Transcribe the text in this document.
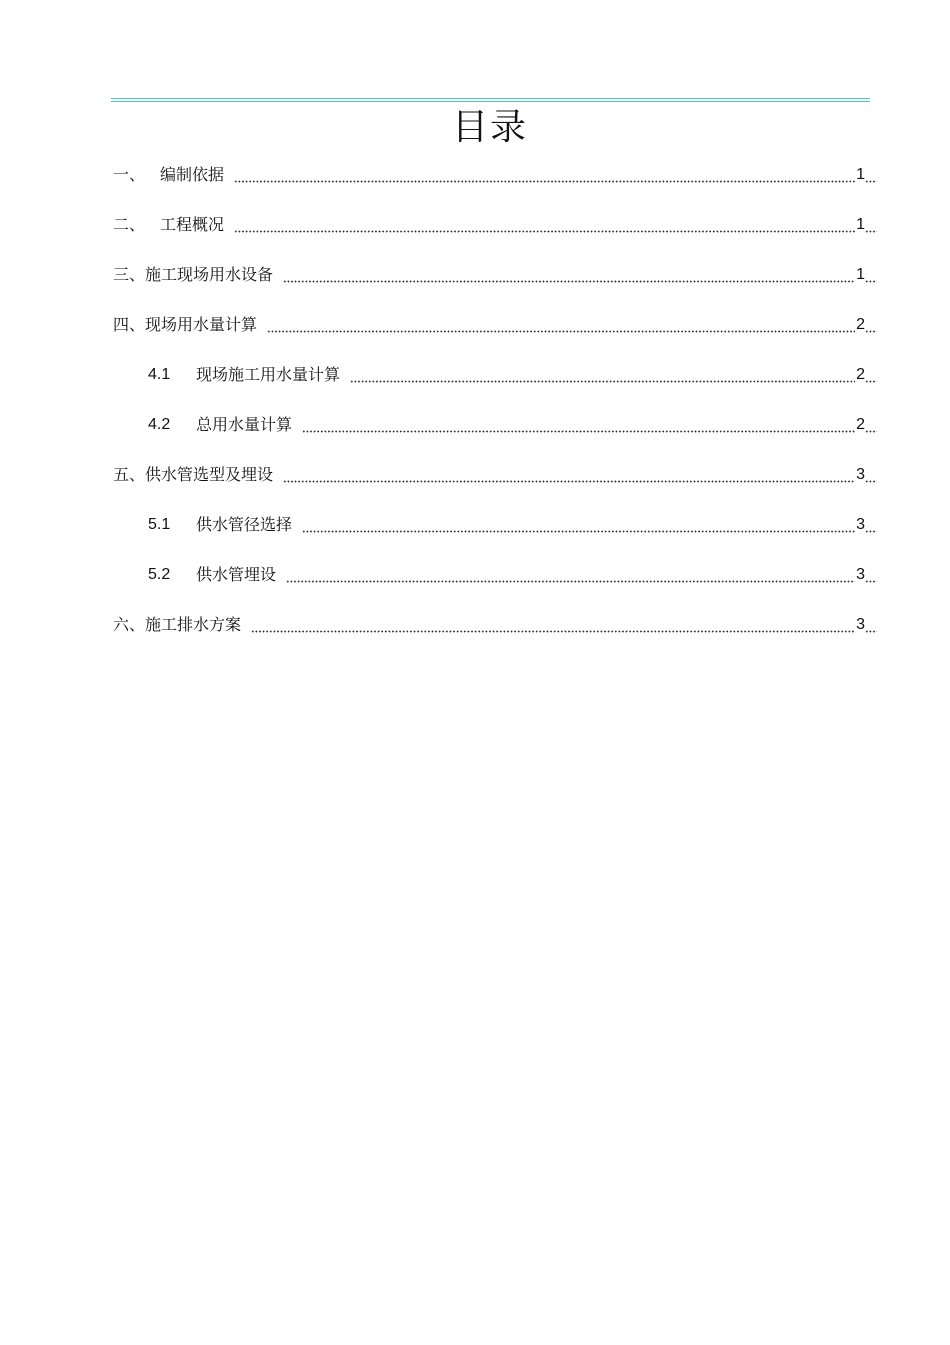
目录
一、 编制依据	1
二、 工程概况	1
三、 施工现场用水设备	1
四、 现场用水量计算	2
4.1	现场施工用水量计算	2
4.2	总用水量计算	2
五、 供水管选型及埋设	3
5.1	供水管径选择	3
5.2	供水管埋设	3
六、 施工排水方案	3
